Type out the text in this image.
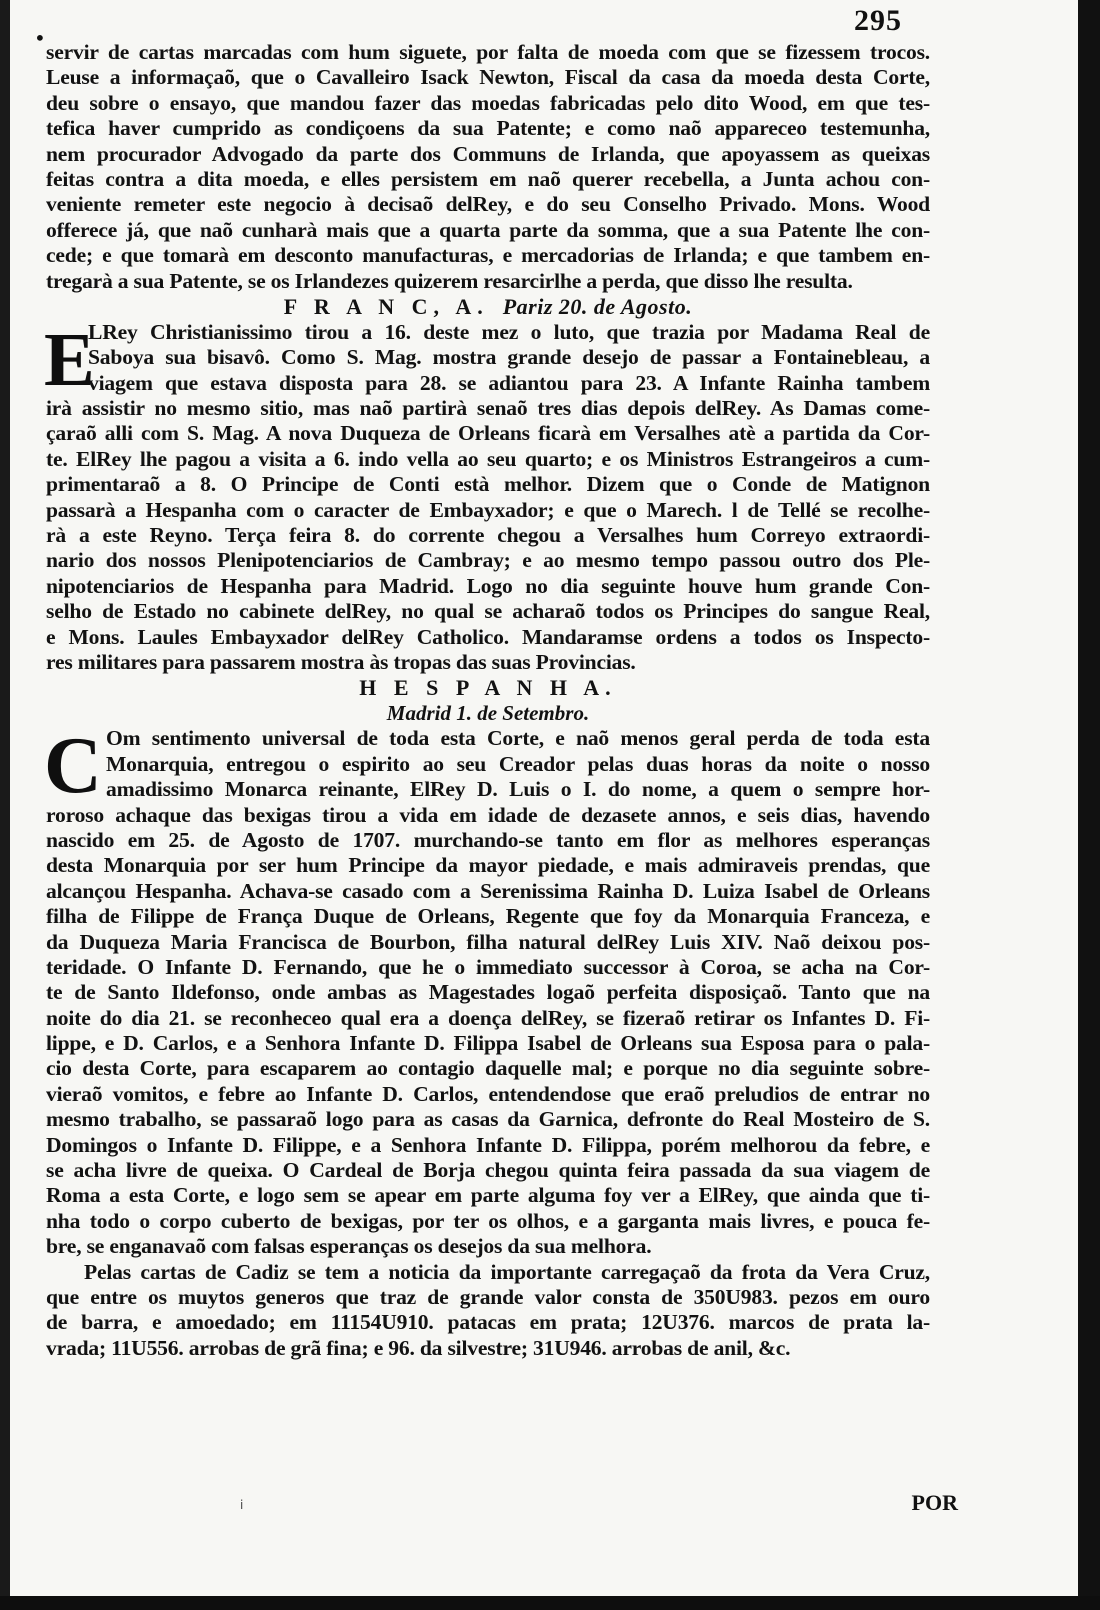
•
295
servir de cartas marcadas com hum siguete, por falta de moeda com que se fizessem trocos.
Leuse a informaçaõ, que o Cavalleiro Isack Newton, Fiscal da casa da moeda desta Corte,
deu sobre o ensayo, que mandou fazer das moedas fabricadas pelo dito Wood, em que tes-
tefica haver cumprido as condiçoens da sua Patente; e como naõ appareceo testemunha,
nem procurador Advogado da parte dos Communs de Irlanda, que apoyassem as queixas
feitas contra a dita moeda, e elles persistem em naõ querer recebella, a Junta achou con-
veniente remeter este negocio à decisaõ delRey, e do seu Conselho Privado. Mons. Wood
offerece já, que naõ cunharà mais que a quarta parte da somma, que a sua Patente lhe con-
cede; e que tomarà em desconto manufacturas, e mercadorias de Irlanda; e que tambem en-
tregarà a sua Patente, se os Irlandezes quizerem resarcirlhe a perda, que disso lhe resulta.
F R A N C, A. Pariz 20. de Agosto.
E
LRey Christianissimo tirou a 16. deste mez o luto, que trazia por Madama Real de
Saboya sua bisavô. Como S. Mag. mostra grande desejo de passar a Fontainebleau, a
viagem que estava disposta para 28. se adiantou para 23. A Infante Rainha tambem
irà assistir no mesmo sitio, mas naõ partirà senaõ tres dias depois delRey. As Damas come-
çaraõ alli com S. Mag. A nova Duqueza de Orleans ficarà em Versalhes atè a partida da Cor-
te. ElRey lhe pagou a visita a 6. indo vella ao seu quarto; e os Ministros Estrangeiros a cum-
primentaraõ a 8. O Principe de Conti està melhor. Dizem que o Conde de Matignon
passarà a Hespanha com o caracter de Embayxador; e que o Marech. l de Tellé se recolhe-
rà a este Reyno. Terça feira 8. do corrente chegou a Versalhes hum Correyo extraordi-
nario dos nossos Plenipotenciarios de Cambray; e ao mesmo tempo passou outro dos Ple-
nipotenciarios de Hespanha para Madrid. Logo no dia seguinte houve hum grande Con-
selho de Estado no cabinete delRey, no qual se acharaõ todos os Principes do sangue Real,
e Mons. Laules Embayxador delRey Catholico. Mandaramse ordens a todos os Inspecto-
res militares para passarem mostra às tropas das suas Provincias.
H E S P A N H A.
Madrid 1. de Setembro.
C Om sentimento universal de toda esta Corte, e naõ menos geral perda de toda esta
Monarquia, entregou o espirito ao seu Creador pelas duas horas da noite o nosso
amadissimo Monarca reinante, ElRey D. Luis o I. do nome, a quem o sempre hor-
rorosо achaque das bexigas tirou a vida em idade de dezasete annos, e seis dias, havendo
nascido em 25. de Agosto de 1707. murchando-se tanto em flor as melhores esperanças
desta Monarquia por ser hum Principe da mayor piedade, e mais admiraveis prendas, que
alcançou Hespanha. Achava-se casado com a Serenissima Rainha D. Luiza Isabel de Orleans
filha de Filippe de França Duque de Orleans, Regente que foy da Monarquia Franceza, e
da Duqueza Maria Francisca de Bourbon, filha natural delRey Luis XIV. Naõ deixou pos-
teridade. O Infante D. Fernando, que he o immediato successor à Coroa, se acha na Cor-
te de Santo Ildefonso, onde ambas as Magestades logaõ perfeita disposiçaõ. Tanto que na
noite do dia 21. se reconheceo qual era a doença delRey, se fizeraõ retirar os Infantes D. Fi-
lippe, e D. Carlos, e a Senhora Infante D. Filippa Isabel de Orleans sua Esposa para o pala-
cio desta Corte, para escaparem ao contagio daquelle mal; e porque no dia seguinte sobre-
vieraõ vomitos, e febre ao Infante D. Carlos, entendendose que eraõ preludios de entrar no
mesmo trabalho, se passaraõ logo para as casas da Garnica, defronte do Real Mosteiro de S.
Domingos o Infante D. Filippe, e a Senhora Infante D. Filippa, porém melhorou da febre, e
se acha livre de queixa. O Cardeal de Borja chegou quinta feira passada da sua viagem de
Roma a esta Corte, e logo sem se apear em parte alguma foy ver a ElRey, que ainda que ti-
nha todo o corpo cuberto de bexigas, por ter os olhos, e a garganta mais livres, e pouca fe-
bre, se enganavaõ com falsas esperanças os desejos da sua melhora.
Pelas cartas de Cadiz se tem a noticia da importante carregaçaõ da frota da Vera Cruz,
que entre os muytos generos que traz de grande valor consta de 350U983. pezos em ouro
de barra, e amoedado; em 11154U910. patacas em prata; 12U376. marcos de prata la-
vrada; 11U556. arrobas de grã fina; e 96. da silvestre; 31U946. arrobas de anil, &c.
i	POR
